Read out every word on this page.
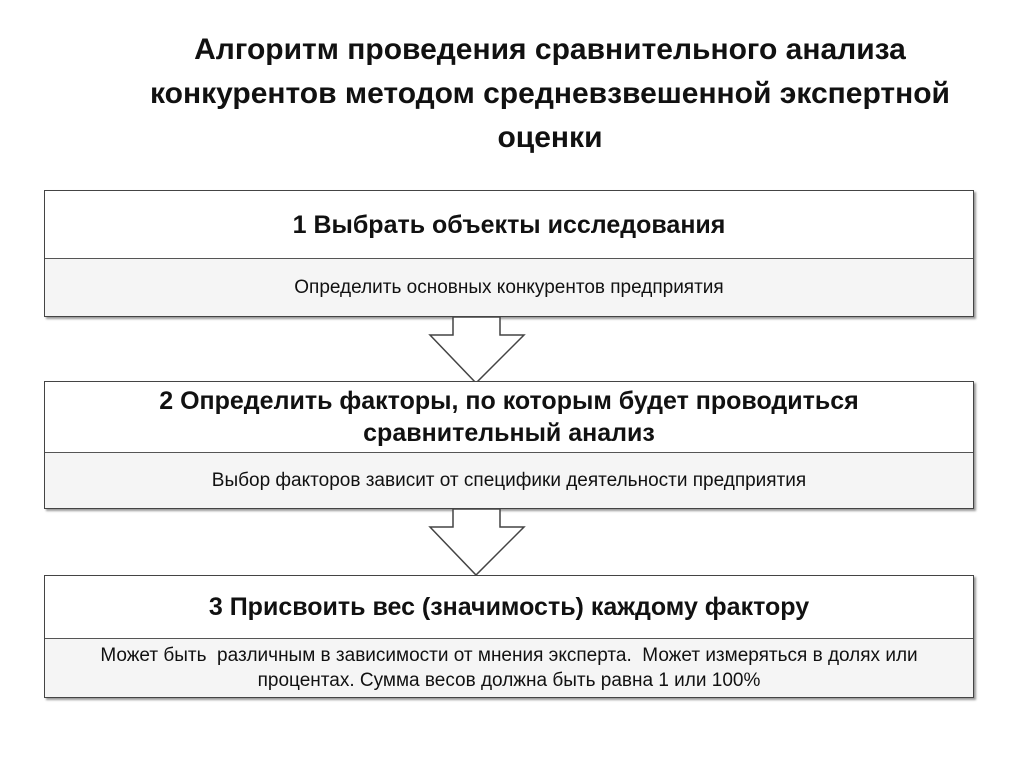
Алгоритм проведения сравнительного анализа конкурентов методом средневзвешенной экспертной оценки
1 Выбрать объекты исследования
Определить основных конкурентов предприятия
2 Определить факторы, по которым будет проводиться сравнительный анализ
Выбор факторов зависит от специфики деятельности предприятия
3 Присвоить вес (значимость) каждому фактору
Может быть  различным в зависимости от мнения эксперта.  Может измеряться в долях или процентах. Сумма весов должна быть равна 1 или 100%
